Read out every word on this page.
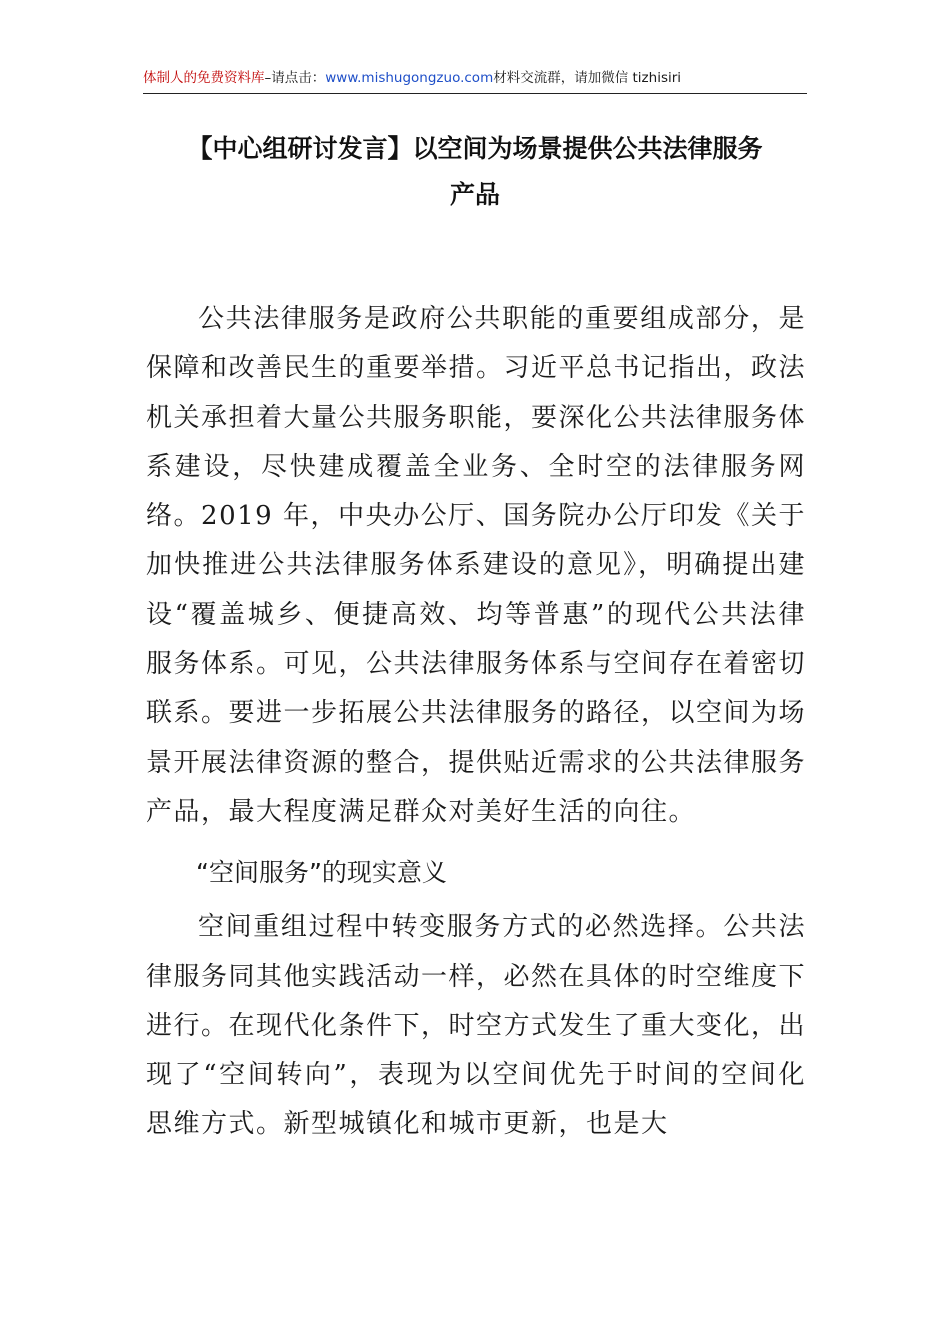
体制人的免费资料库 –请点击： www.mishugongzuo.com 材料交流群，请加微信 tizhisiri
【中心组研讨发言】以空间为场景提供公共法律服务
产品

公共法律服务是政府公共职能的重要组成部分，是保障和改善民生的重要举措。习近平总书记指出，政法机关承担着大量公共服务职能，要深化公共法律服务体系建设，尽快建成覆盖全业务、全时空的法律服务网络。2019 年，中央办公厅、国务院办公厅印发《关于加快推进公共法律服务体系建设的意见》，明确提出建设“覆盖城乡、便捷高效、均等普惠”的现代公共法律服务体系。可见，公共法律服务体系与空间存在着密切联系。要进一步拓展公共法律服务的路径，以空间为场景开展法律资源的整合，提供贴近需求的公共法律服务产品，最大程度满足群众对美好生活的向往。

“空间服务”的现实意义

空间重组过程中转变服务方式的必然选择。公共法律服务同其他实践活动一样，必然在具体的时空维度下进行。在现代化条件下，时空方式发生了重大变化，出现了“空间转向”，表现为以空间优先于时间的空间化思维方式。新型城镇化和城市更新，也是大
